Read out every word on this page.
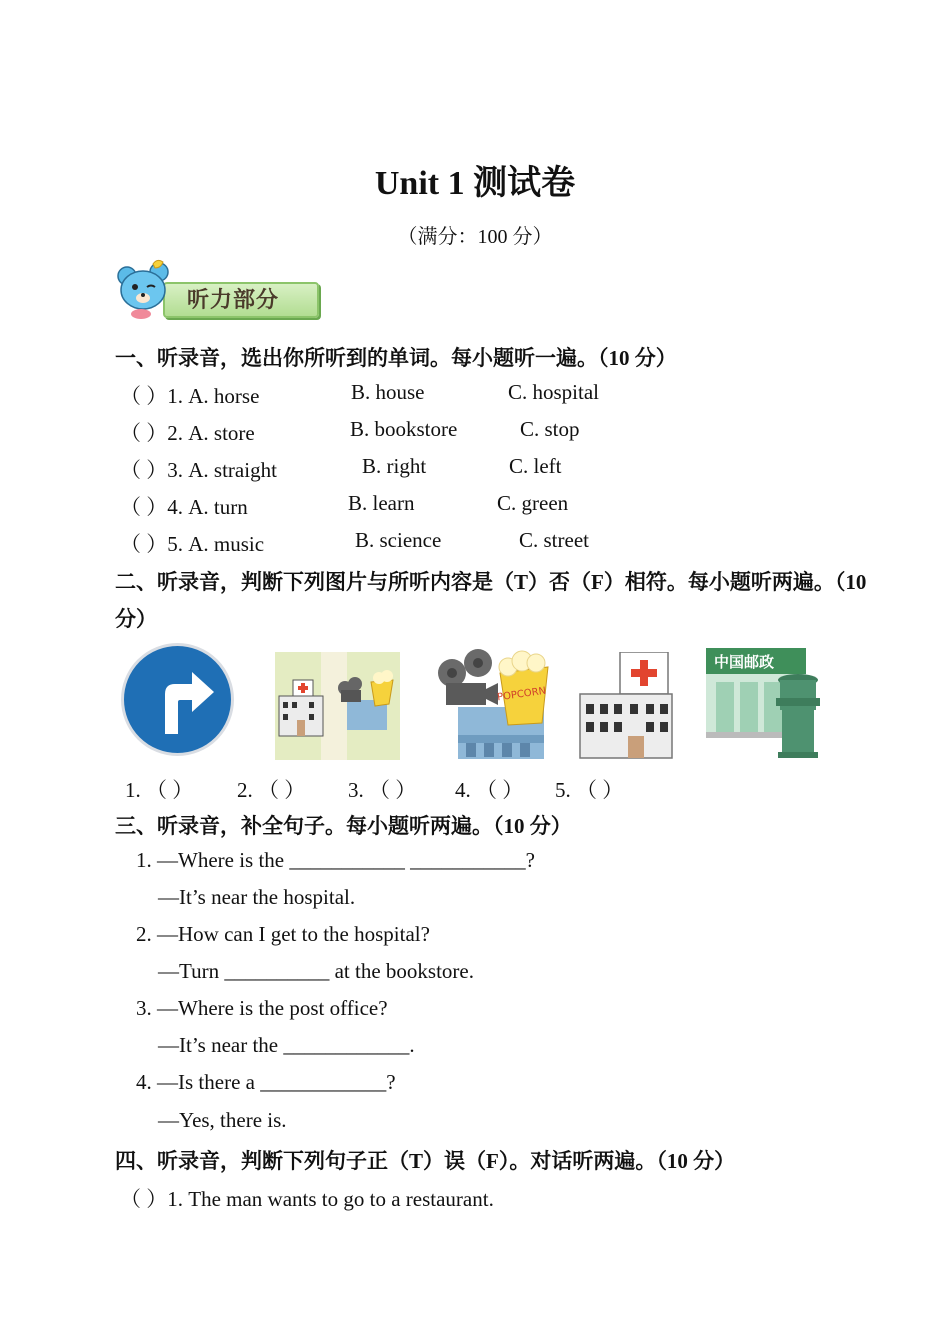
Unit 1 测试卷
（满分：100 分）
听力部分
一、听录音，选出你所听到的单词。每小题听一遍。（10 分）
（ ）1. A. horse	B. house	C. hospital
（ ）2. A. store	B. bookstore	C. stop
（ ）3. A. straight	B. right	C. left
（ ）4. A. turn	B. learn	C. green
（ ）5. A. music	B. science	C. street
二、听录音，判断下列图片与所听内容是（T）否（F）相符。每小题听两遍。（10
分）
POPCORN
中国邮政
1. （ ） 2. （ ） 3. （ ） 4. （ ） 5. （ ）
三、听录音，补全句子。每小题听两遍。（10 分）
1. —Where is the ___________ ___________?
—It’s near the hospital.
2. —How can I get to the hospital?
—Turn __________ at the bookstore.
3. —Where is the post office?
—It’s near the ____________.
4. —Is there a ____________?
—Yes, there is.
四、听录音，判断下列句子正（T）误（F）。对话听两遍。（10 分）
（ ）1. The man wants to go to a restaurant.
